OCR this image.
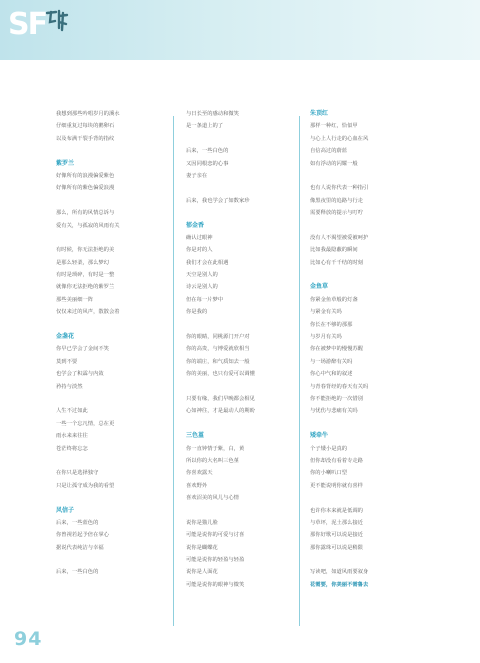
SF
我想到那些吟唱岁月的溪水
仔细重复过每块的鹅卵石
以及布满干裂手背的指纹
紫罗兰
好像所有的浪漫偏爱紫色
好像所有的紫色偏爱浪漫
那么，所有的风情总诉与
爱有关，与孤寂的风雨有关
有时候，你无法拒绝的美
是那么轻柔，那么梦幻
有时是琐碎，有时是一整
就像你无法拒绝的紫罗兰
那些美丽细一阵
仅仅来过的风声，散散会着
金盏花
你早已学会了金间不笑
莫到不要
也学会了积霖与内敛
矜持与淡然
人生不过如此
一些一个忘凡情，总在更
雨水来来往往
苍茫终将忘怎
在你只是选择独守
只是让孤守成为我的看望
风信子
后来，一些蓝色的
你曾视若起予倍在掌心
据说代表纯洁与幸福
后来，一些白色的
与日长至的感动和微笑
是一条道上的了
后来，一些白色的
又因同根恋的心事
妻子亲在
后来，我也学会了如数家珍
郁金香
确认过眼神
你是对的人
我们才会在此相遇
天空是别人的
诗云是别人的
但在每一片梦中
你是我的
你的眼睛，同桃源门开户对
你的高贵，与博爱就欣相当
你的端庄，和气质知去一般
你的美丽，也只有爱可以调懂
只要有缘，我们早晚都会相见
心如神往，才是最动人的期盼
三色堇
你一直钟情于紫，白，黄
所以你的大名叫三色堇
你喜欢露天
喜欢野外
喜欢沼美的风儿与心情
说你是猫儿脸
可能是说你的可爱与讨喜
说你是蝴蝶花
可能是说你的轻盈与轻盈
说你是人面花
可能是说你的眼神与微笑
朱顶红
那样一种红，恰似甲
与心上人行走的心血在风
自信高过的蔚蓝
如有浮动的闪耀一般
也有人说你代表一种指引
像黑夜里的追路与行走
需要释放的提示与叮咛
没有人不渴望被爱被呵护
比如我最隐蔽的瞬间
比如心有千千结的时刻
金鱼草
你紧金鱼草般的灯盏
与紧金有关吗
你长在不够的那那
与岁月有关吗
你在被梦中的慢慢苏醒
与一场游醉有关吗
你心中气和的叙述
与青春背经的春天有关吗
你不能拒绝的一次惜别
与忧伤与悲痛有关吗
矮牵牛
个子矮小是真的
但你却没有看着专走路
你的小喇叭口型
更不能说明你就有喜样
也许你本来就是低调的
与草坪，泥土那么接近
那你好歌可以说是接近
那你露珠可以说是稍限
写读吧，如道风雨要叙身
花需要，你美丽不需鲁去
94
